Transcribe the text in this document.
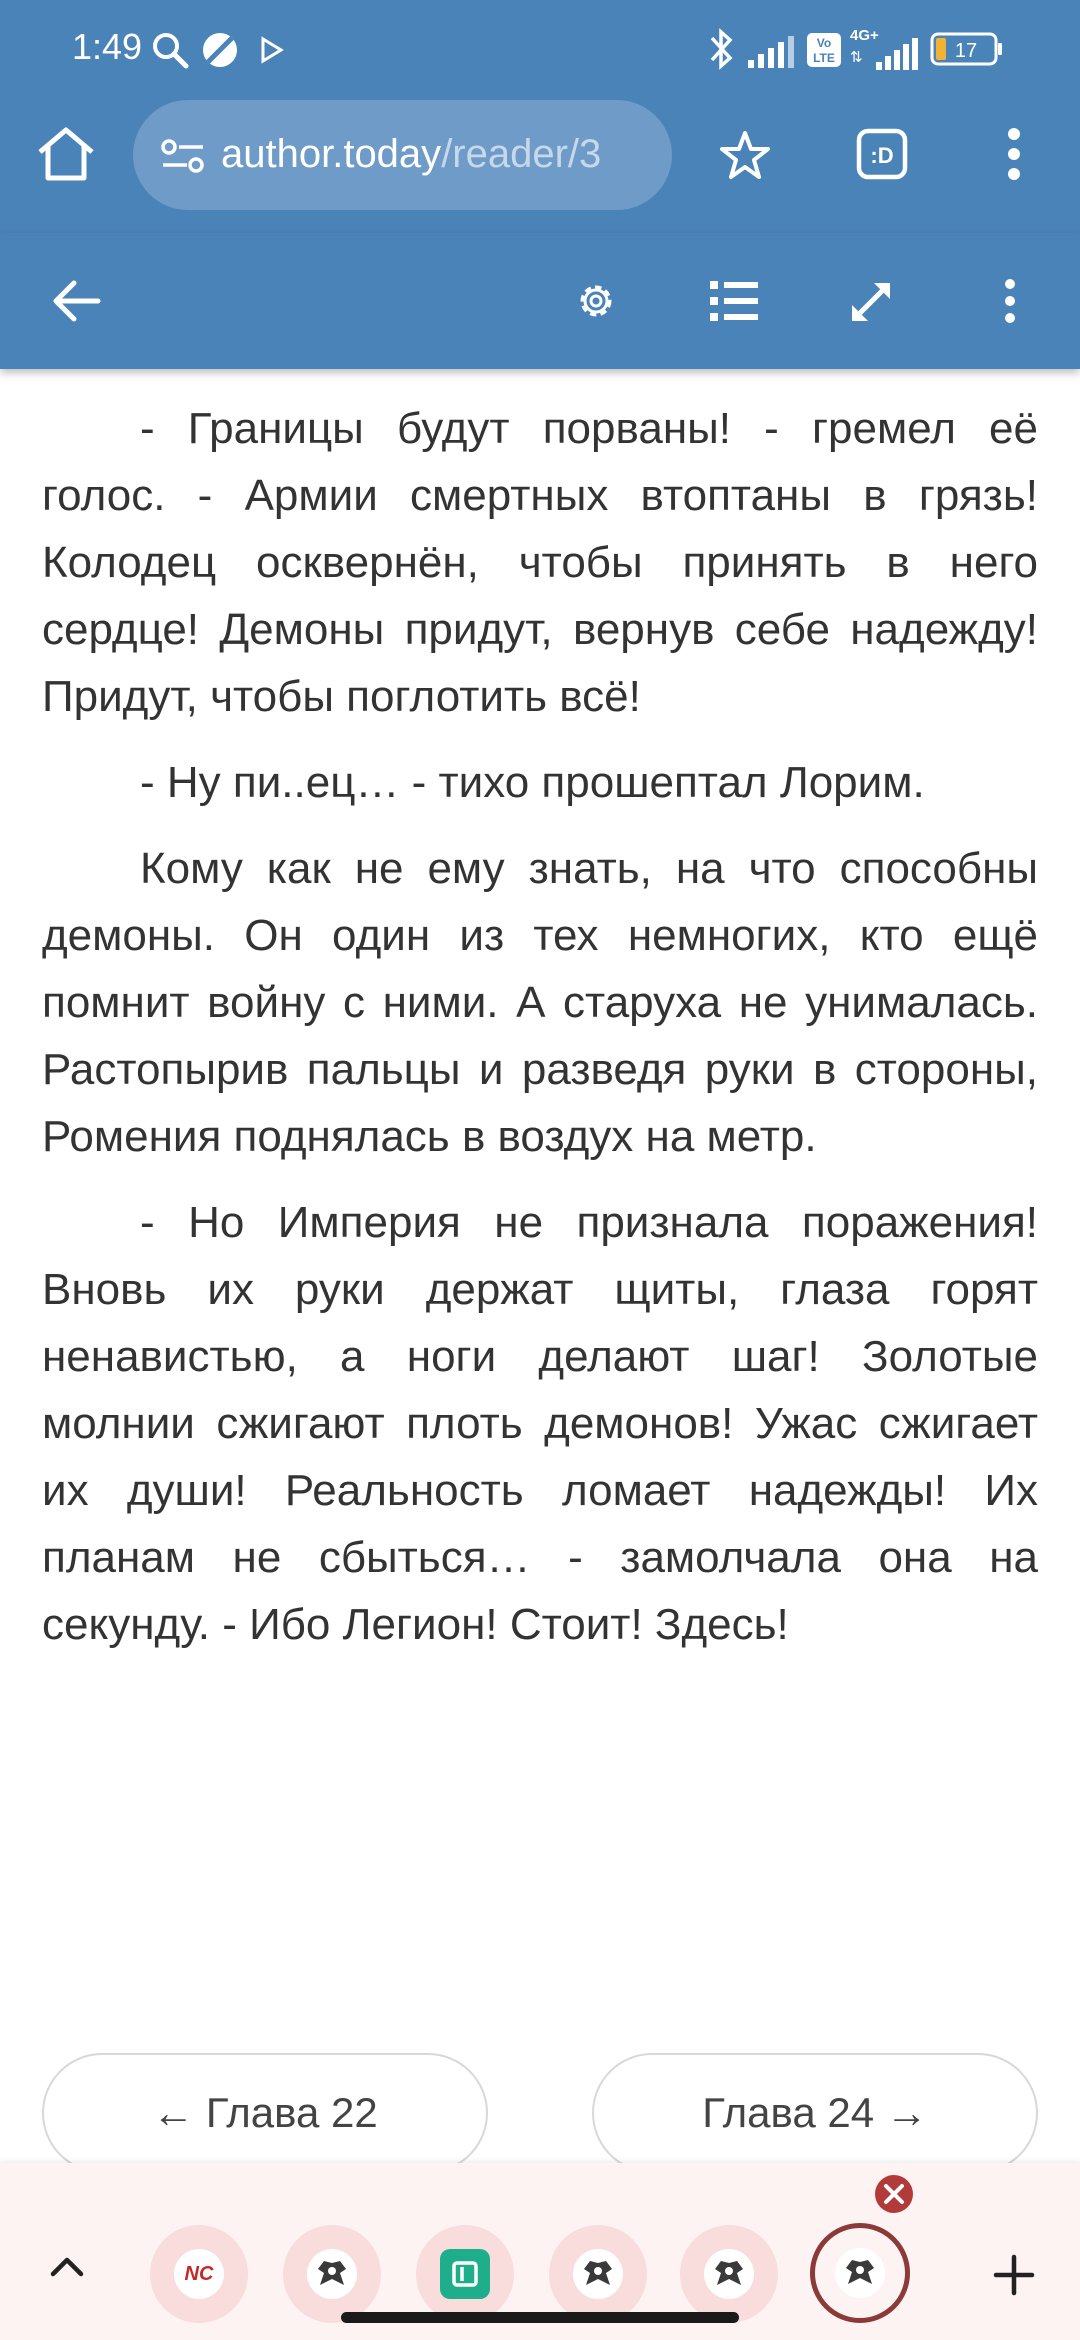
1:49	Vo
LTE
4G+
⇅	17
author.today/reader/3	:D

- Границы будут порваны! - гремел её голос. - Армии смертных втоптаны в грязь! Колодец осквернён, чтобы принять в него сердце! Демоны придут, вернув себе надежду! Придут, чтобы поглотить всё!

- Ну пи..ец… - тихо прошептал Лорим.

Кому как не ему знать, на что способны демоны. Он один из тех немногих, кто ещё помнит войну с ними. А старуха не унималась. Растопырив пальцы и разведя руки в стороны, Ромения поднялась в воздух на метр.

- Но Империя не признала поражения! Вновь их руки держат щиты, глаза горят ненавистью, а ноги делают шаг! Золотые молнии сжигают плоть демонов! Ужас сжигает их души! Реальность ломает надежды! Их планам не сбыться… - замолчала она на секунду. - Ибо Легион! Стоит! Здесь!

← Глава 22	Глава 24 →
NC
